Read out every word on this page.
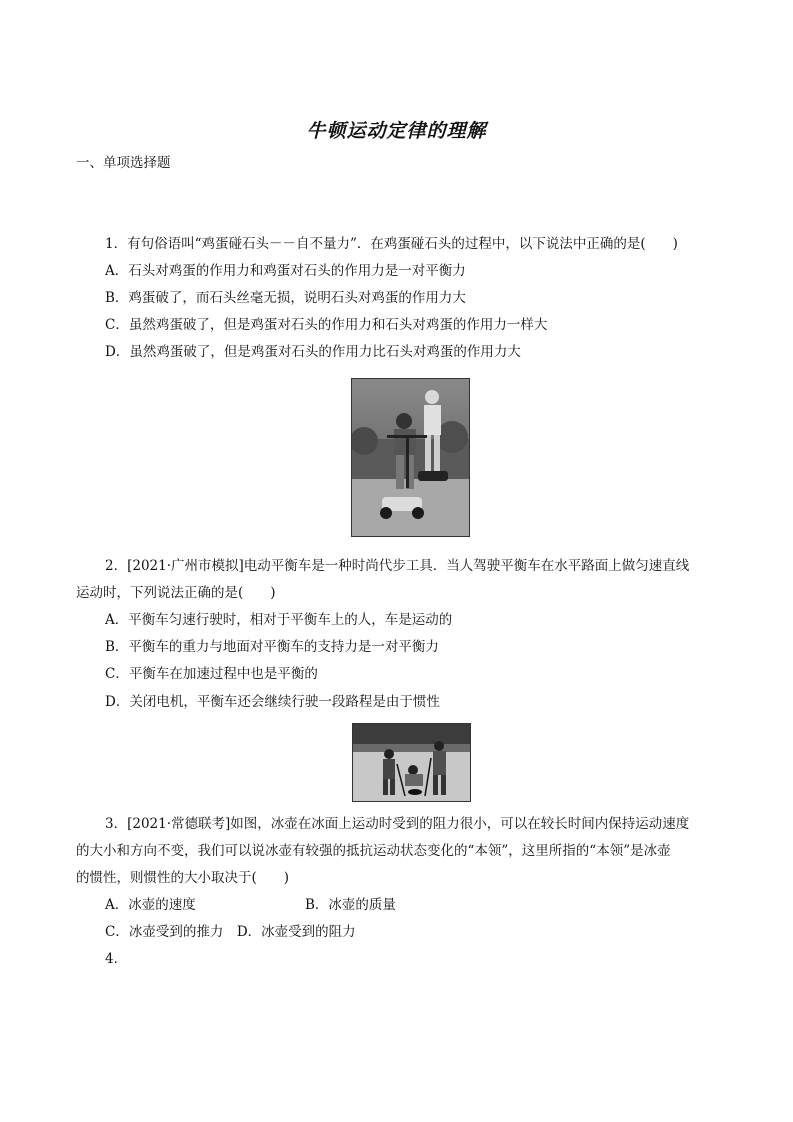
牛顿运动定律的理解
一、单项选择题
1．有句俗语叫“鸡蛋碰石头－－自不量力”．在鸡蛋碰石头的过程中，以下说法中正确的是(　　)
A．石头对鸡蛋的作用力和鸡蛋对石头的作用力是一对平衡力
B．鸡蛋破了，而石头丝毫无损，说明石头对鸡蛋的作用力大
C．虽然鸡蛋破了，但是鸡蛋对石头的作用力和石头对鸡蛋的作用力一样大
D．虽然鸡蛋破了，但是鸡蛋对石头的作用力比石头对鸡蛋的作用力大
2．[2021·广州市模拟]电动平衡车是一种时尚代步工具．当人驾驶平衡车在水平路面上做匀速直线
运动时，下列说法正确的是(　　)
A．平衡车匀速行驶时，相对于平衡车上的人，车是运动的
B．平衡车的重力与地面对平衡车的支持力是一对平衡力
C．平衡车在加速过程中也是平衡的
D．关闭电机，平衡车还会继续行驶一段路程是由于惯性
3．[2021·常德联考]如图，冰壶在冰面上运动时受到的阻力很小，可以在较长时间内保持运动速度
的大小和方向不变，我们可以说冰壶有较强的抵抗运动状态变化的“本领”，这里所指的“本领”是冰壶
的惯性，则惯性的大小取决于(　　)
A．冰壶的速度	B．冰壶的质量
C．冰壶受到的推力　D．冰壶受到的阻力
4．
